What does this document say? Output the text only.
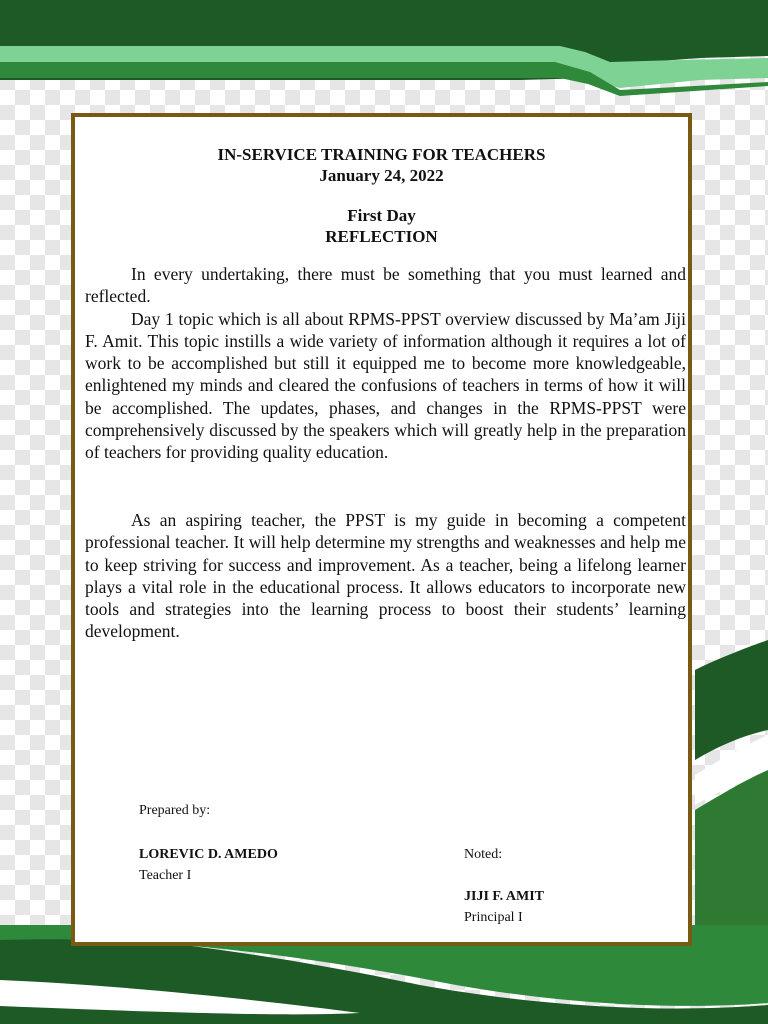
IN-SERVICE TRAINING FOR TEACHERS
January 24, 2022
First Day
REFLECTION

In every undertaking, there must be something that you must learned and reflected.

Day 1 topic which is all about RPMS-PPST overview discussed by Ma’am Jiji F. Amit. This topic instills a wide variety of information although it requires a lot of work to be accomplished but still it equipped me to become more knowledgeable, enlightened my minds and cleared the confusions of teachers in terms of how it will be accomplished. The updates, phases, and changes in the RPMS-PPST were comprehensively discussed by the speakers which will greatly help in the preparation of teachers for providing quality education.

As an aspiring teacher, the PPST is my guide in becoming a competent professional teacher. It will help determine my strengths and weaknesses and help me to keep striving for success and improvement. As a teacher, being a lifelong learner plays a vital role in the educational process. It allows educators to incorporate new tools and strategies into the learning process to boost their students’ learning development.

Prepared by:
LOREVIC D. AMEDO
Teacher I
Noted:
JIJI F. AMIT
Principal I
